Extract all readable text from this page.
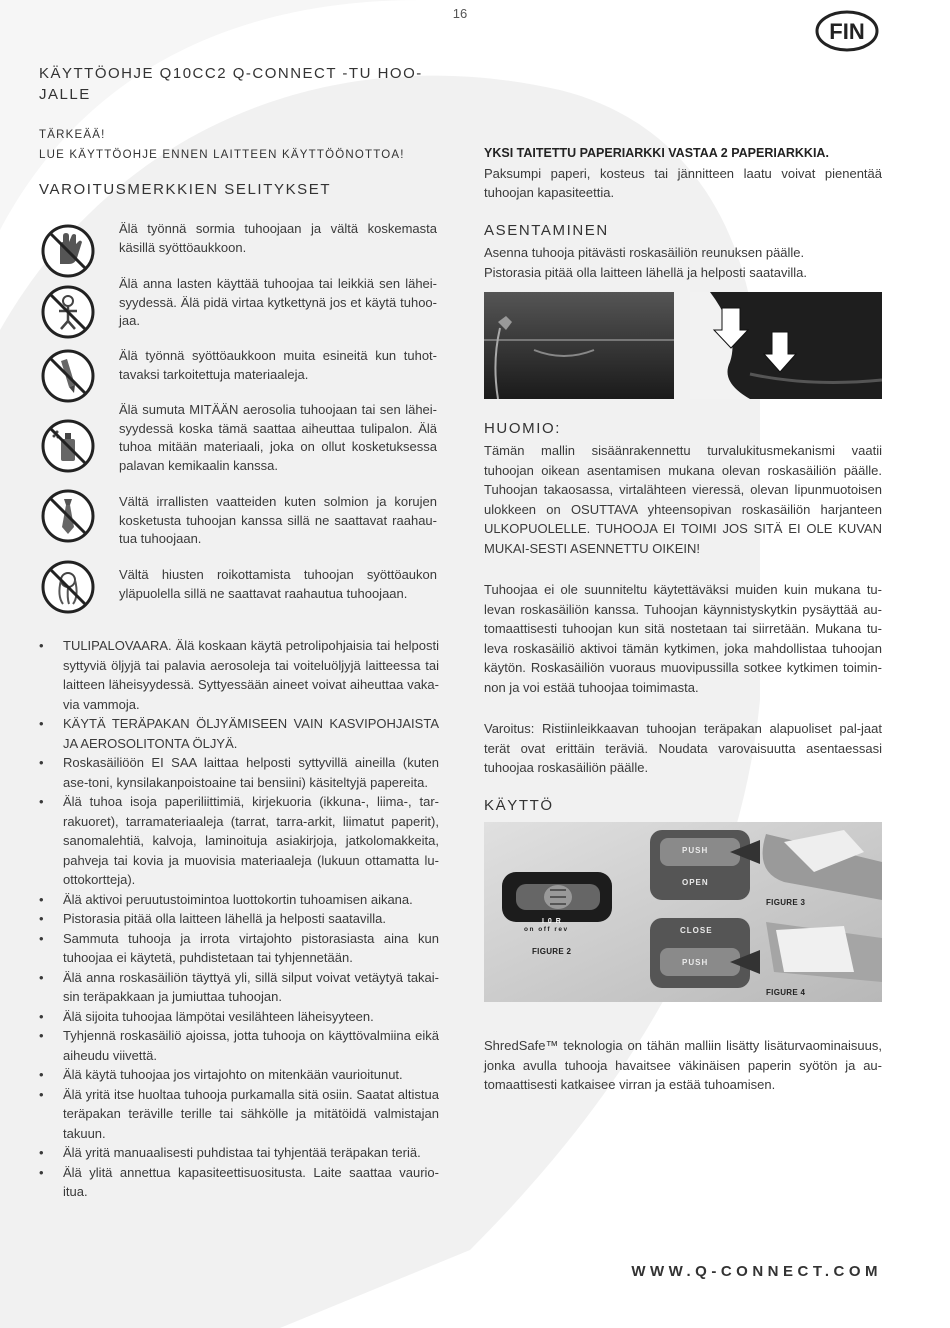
16
FIN
KÄYTTÖOHJE Q10CC2 Q-CONNECT -TU HOO-
JALLE
TÄRKEÄÄ!
LUE KÄYTTÖOHJE ENNEN LAITTEEN KÄYTTÖÖNOTTOA!
VAROITUSMERKKIEN SELITYKSET
Älä työnnä sormia tuhoojaan ja vältä koskemasta käsillä syöttöaukkoon.
Älä anna lasten käyttää tuhoojaa tai leikkiä sen lähei-syydessä. Älä pidä virtaa kytkettynä jos et käytä tuhoo-jaa.
Älä työnnä syöttöaukkoon muita esineitä kun tuhot-tavaksi tarkoitettuja materiaaleja.
Älä sumuta MITÄÄN aerosolia tuhoojaan tai sen lähei-syydessä koska tämä saattaa aiheuttaa tulipalon. Älä tuhoa mitään materiaali, joka on ollut kosketuksessa palavan kemikaalin kanssa.
Vältä irrallisten vaatteiden kuten solmion ja korujen kosketusta tuhoojan kanssa sillä ne saattavat raahau-tua tuhoojaan.
Vältä hiusten roikottamista tuhoojan syöttöaukon yläpuolella sillä ne saattavat raahautua tuhoojaan.
• TULIPALOVAARA. Älä koskaan käytä petrolipohjaisia tai helposti syttyviä öljyjä tai palavia aerosoleja tai voiteluöljyjä laitteessa tai laitteen läheisyydessä. Syttyessään aineet voivat aiheuttaa vaka-via vammoja.
• KÄYTÄ TERÄPAKAN ÖLJYÄMISEEN VAIN KASVIPOHJAISTA JA AEROSOLITONTA ÖLJYÄ.
• Roskasäiliöön EI SAA laittaa helposti syttyvillä aineilla (kuten ase-toni, kynsilakanpoistoaine tai bensiini) käsiteltyjä papereita.
• Älä tuhoa isoja paperiliittimiä, kirjekuoria (ikkuna-, liima-, tar-rakuoret), tarramateriaaleja (tarrat, tarra-arkit, liimatut paperit), sanomalehtiä, kalvoja, laminoituja asiakirjoja, jatkolomakkeita, pahveja tai kovia ja muovisia materiaaleja (lukuun ottamatta lu-ottokortteja).
• Älä aktivoi peruutustoimintoa luottokortin tuhoamisen aikana.
• Pistorasia pitää olla laitteen lähellä ja helposti saatavilla.
• Sammuta tuhooja ja irrota virtajohto pistorasiasta aina kun tuhoojaa ei käytetä, puhdistetaan tai tyhjennetään.
• Älä anna roskasäiliön täyttyä yli, sillä silput voivat vetäytyä takai-sin teräpakkaan ja jumiuttaa tuhoojan.
• Älä sijoita tuhoojaa lämpötai vesilähteen läheisyyteen.
• Tyhjennä roskasäiliö ajoissa, jotta tuhooja on käyttövalmiina eikä aiheudu viivettä.
• Älä käytä tuhoojaa jos virtajohto on mitenkään vaurioitunut.
• Älä yritä itse huoltaa tuhooja purkamalla sitä osiin. Saatat altistua teräpakan teräville terille tai sähkölle ja mitätöidä valmistajan takuun.
• Älä yritä manuaalisesti puhdistaa tai tyhjentää teräpakan teriä.
• Älä ylitä annettua kapasiteettisuositusta. Laite saattaa vaurio-itua.
YKSI TAITETTU PAPERIARKKI VASTAA 2 PAPERIARKKIA.
Paksumpi paperi, kosteus tai jännitteen laatu voivat pienentää tuhoojan kapasiteettia.
ASENTAMINEN
Asenna tuhooja pitävästi roskasäiliön reunuksen päälle.
Pistorasia pitää olla laitteen lähellä ja helposti saatavilla.
HUOMIO:
Tämän mallin sisäänrakennettu turvalukitusmekanismi vaatii tuhoojan oikean asentamisen mukana olevan roskasäiliön päälle. Tuhoojan takaosassa, virtalähteen vieressä, olevan lipunmuotoisen ulokkeen on OSUTTAVA yhteensopivan roskasäiliön harjanteen ULKOPUOLELLE. TUHOOJA EI TOIMI JOS SITÄ EI OLE KUVAN MUKAI-SESTI ASENNETTU OIKEIN!
Tuhoojaa ei ole suunniteltu käytettäväksi muiden kuin mukana tu-levan roskasäiliön kanssa. Tuhoojan käynnistyskytkin pysäyttää au-tomaattisesti tuhoojan kun sitä nostetaan tai siirretään. Mukana tu-leva roskasäiliö aktivoi tämän kytkimen, joka mahdollistaa tuhoojan käytön. Roskasäiliön vuoraus muovipussilla sotkee kytkimen toimin-non ja voi estää tuhoojaa toimimasta.
Varoitus: Ristiinleikkaavan tuhoojan teräpakan alapuoliset pal-jaat terät ovat erittäin teräviä. Noudata varovaisuutta asentaessasi tuhoojaa roskasäiliön päälle.
KÄYTTÖ
I 0 R
on off rev
FIGURE 2
PUSH
OPEN
FIGURE 3
CLOSE
PUSH
FIGURE 4
ShredSafe™ teknologia on tähän malliin lisätty lisäturvaominaisuus, jonka avulla tuhooja havaitsee väkinäisen paperin syötön ja au-tomaattisesti katkaisee virran ja estää tuhoamisen.
WWW.Q-CONNECT.COM
